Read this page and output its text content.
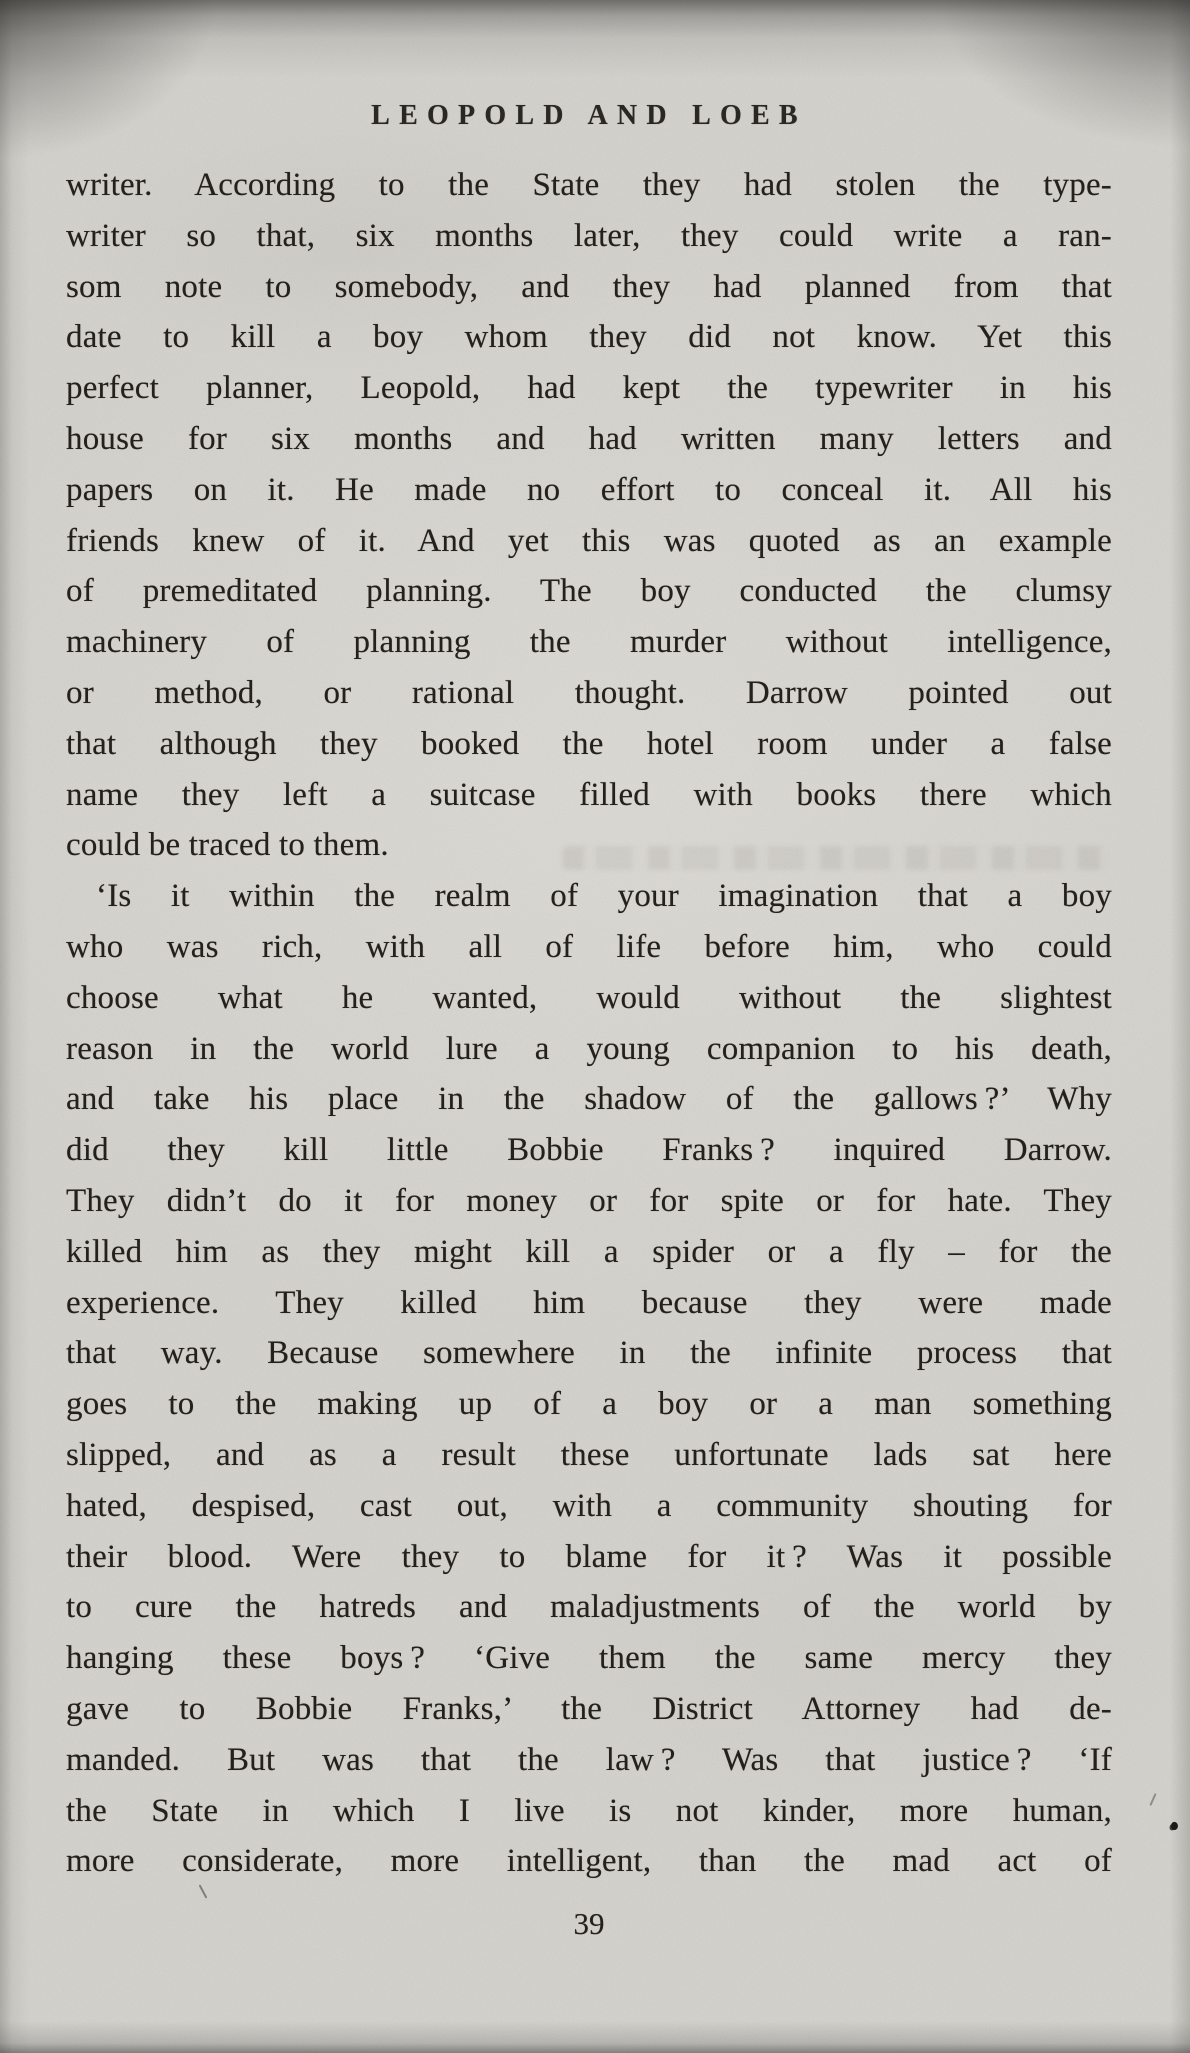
LEOPOLD AND LOEB
writer. According to the State they had stolen the type-
writer so that, six months later, they could write a ran-
som note to somebody, and they had planned from that
date to kill a boy whom they did not know. Yet this
perfect planner, Leopold, had kept the typewriter in his
house for six months and had written many letters and
papers on it. He made no effort to conceal it. All his
friends knew of it. And yet this was quoted as an example
of premeditated planning. The boy conducted the clumsy
machinery of planning the murder without intelligence,
or method, or rational thought. Darrow pointed out
that although they booked the hotel room under a false
name they left a suitcase filled with books there which
could be traced to them.
‘Is it within the realm of your imagination that a boy
who was rich, with all of life before him, who could
choose what he wanted, would without the slightest
reason in the world lure a young companion to his death,
and take his place in the shadow of the gallows ?’ Why
did they kill little Bobbie Franks ? inquired Darrow.
They didn’t do it for money or for spite or for hate. They
killed him as they might kill a spider or a fly – for the
experience. They killed him because they were made
that way. Because somewhere in the infinite process that
goes to the making up of a boy or a man something
slipped, and as a result these unfortunate lads sat here
hated, despised, cast out, with a community shouting for
their blood. Were they to blame for it ? Was it possible
to cure the hatreds and maladjustments of the world by
hanging these boys ? ‘Give them the same mercy they
gave to Bobbie Franks,’ the District Attorney had de-
manded. But was that the law ? Was that justice ? ‘If
the State in which I live is not kinder, more human,
more considerate, more intelligent, than the mad act of
39
